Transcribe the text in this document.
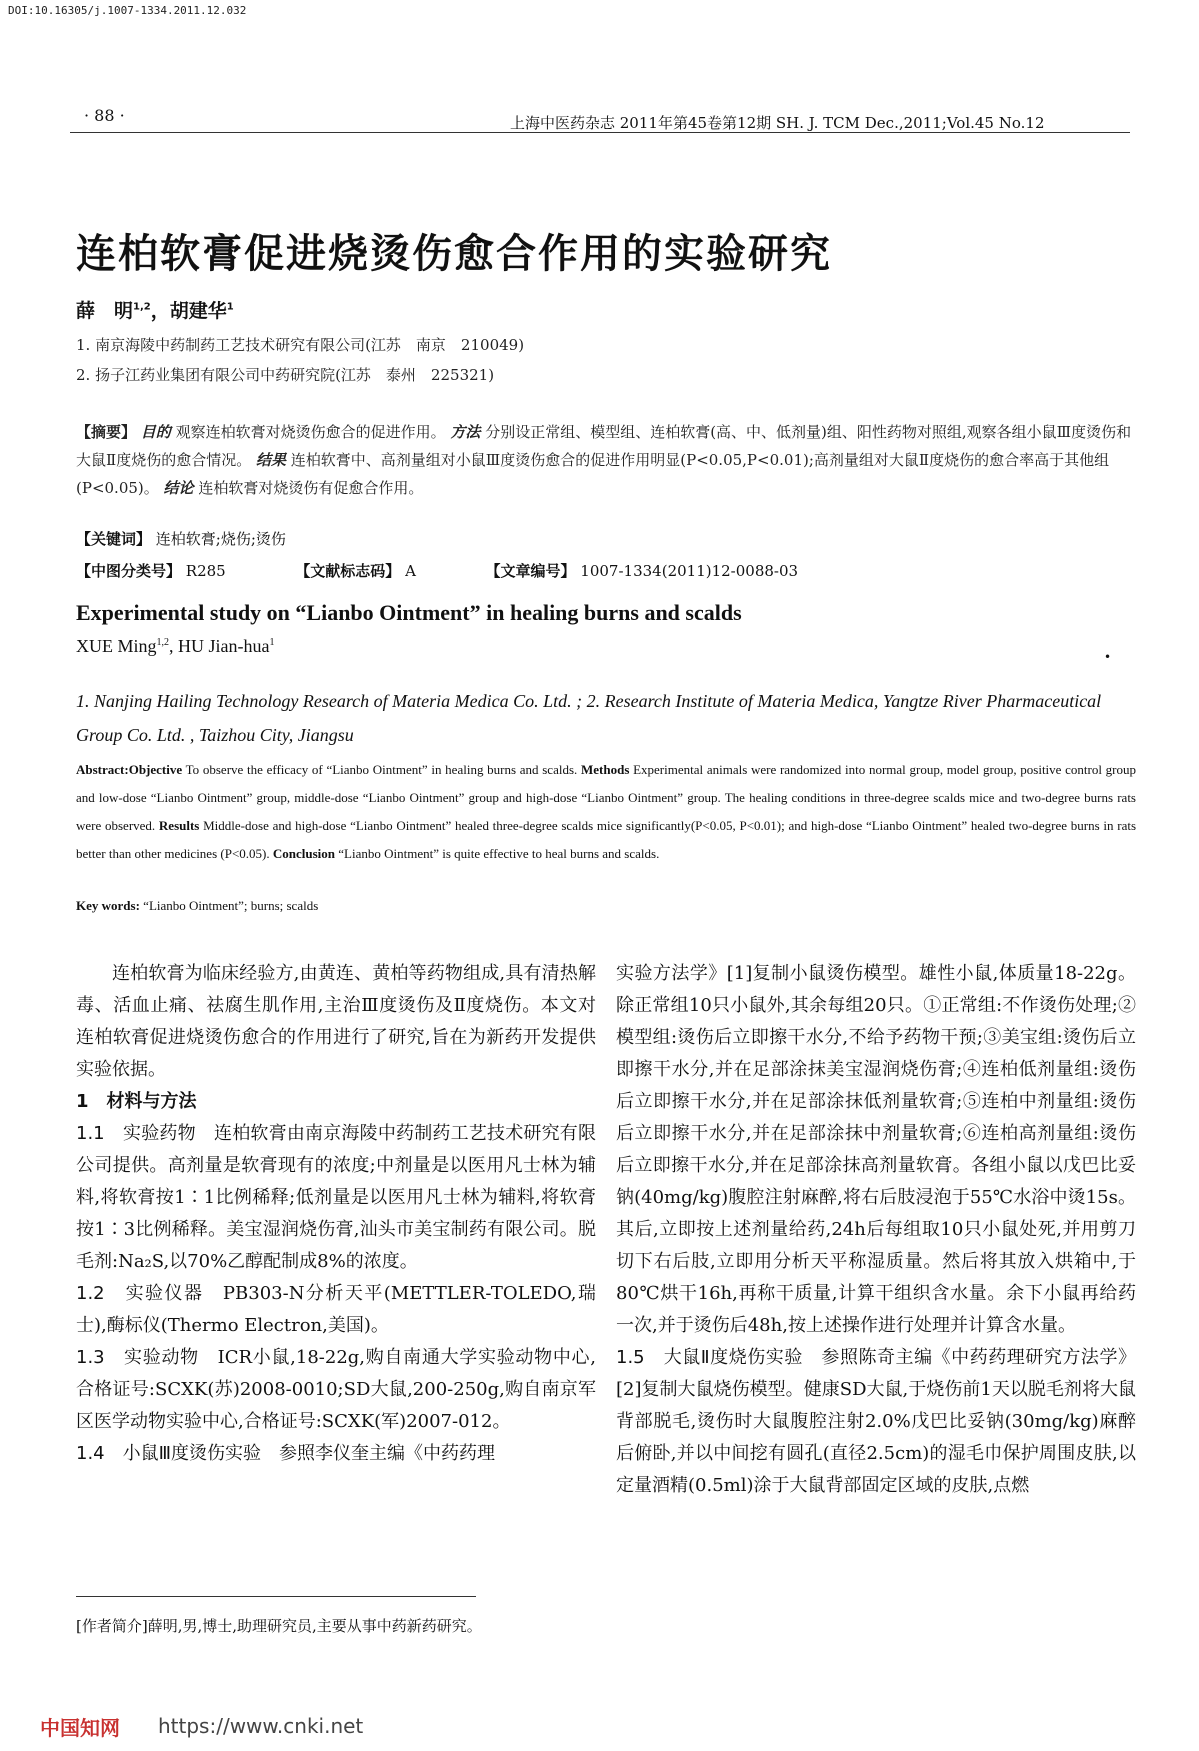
DOI:10.16305/j.1007-1334.2011.12.032
· 88 ·	上海中医药杂志 2011年第45卷第12期 SH. J. TCM Dec.,2011;Vol.45 No.12
连柏软膏促进烧烫伤愈合作用的实验研究
薛　明$^{1,2}$，胡建华$^1$
1. 南京海陵中药制药工艺技术研究有限公司(江苏　南京　210049)
2. 扬子江药业集团有限公司中药研究院(江苏　泰州　225321)
【摘要】 目的 观察连柏软膏对烧烫伤愈合的促进作用。 方法 分别设正常组、模型组、连柏软膏(高、中、低剂量)组、阳性药物对照组,观察各组小鼠Ⅲ度烫伤和大鼠Ⅱ度烧伤的愈合情况。 结果 连柏软膏中、高剂量组对小鼠Ⅲ度烫伤愈合的促进作用明显(P<0.05,P<0.01);高剂量组对大鼠Ⅱ度烧伤的愈合率高于其他组(P<0.05)。 结论 连柏软膏对烧烫伤有促愈合作用。
【关键词】 连柏软膏;烧伤;烫伤
【中图分类号】 R285	【文献标志码】 A	【文章编号】 1007-1334(2011)12-0088-03
Experimental study on “Lianbo Ointment” in healing burns and scalds
XUE Ming$^{1,2}$, HU Jian-hua$^1$
•
1. Nanjing Hailing Technology Research of Materia Medica Co. Ltd. ; 2. Research Institute of Materia Medica, Yangtze River Pharmaceutical Group Co. Ltd. , Taizhou City, Jiangsu
Abstract:Objective To observe the efficacy of “Lianbo Ointment” in healing burns and scalds. Methods Experimental animals were randomized into normal group, model group, positive control group and low-dose “Lianbo Ointment” group, middle-dose “Lianbo Ointment” group and high-dose “Lianbo Ointment” group. The healing conditions in three-degree scalds mice and two-degree burns rats were observed. Results Middle-dose and high-dose “Lianbo Ointment” healed three-degree scalds mice significantly(P<0.05, P<0.01); and high-dose “Lianbo Ointment” healed two-degree burns in rats better than other medicines (P<0.05). Conclusion “Lianbo Ointment” is quite effective to heal burns and scalds.
Key words: “Lianbo Ointment”; burns; scalds

连柏软膏为临床经验方,由黄连、黄柏等药物组成,具有清热解毒、活血止痛、祛腐生肌作用,主治Ⅲ度烫伤及Ⅱ度烧伤。本文对连柏软膏促进烧烫伤愈合的作用进行了研究,旨在为新药开发提供实验依据。

1　材料与方法

1.1　实验药物　 连柏软膏由南京海陵中药制药工艺技术研究有限公司提供。高剂量是软膏现有的浓度;中剂量是以医用凡士林为辅料,将软膏按1∶1比例稀释;低剂量是以医用凡士林为辅料,将软膏按1∶3比例稀释。美宝湿润烧伤膏,汕头市美宝制药有限公司。脱毛剂:Na₂S,以70%乙醇配制成8%的浓度。

1.2　实验仪器　 PB303-N分析天平(METTLER-TOLEDO,瑞士),酶标仪(Thermo Electron,美国)。

1.3　实验动物　 ICR小鼠,18-22g,购自南通大学实验动物中心,合格证号:SCXK(苏)2008-0010;SD大鼠,200-250g,购自南京军区医学动物实验中心,合格证号:SCXK(军)2007-012。

1.4　小鼠Ⅲ度烫伤实验　 参照李仪奎主编《中药药理

实验方法学》[1]复制小鼠烫伤模型。雄性小鼠,体质量18-22g。除正常组10只小鼠外,其余每组20只。①正常组:不作烫伤处理;②模型组:烫伤后立即擦干水分,不给予药物干预;③美宝组:烫伤后立即擦干水分,并在足部涂抹美宝湿润烧伤膏;④连柏低剂量组:烫伤后立即擦干水分,并在足部涂抹低剂量软膏;⑤连柏中剂量组:烫伤后立即擦干水分,并在足部涂抹中剂量软膏;⑥连柏高剂量组:烫伤后立即擦干水分,并在足部涂抹高剂量软膏。各组小鼠以戊巴比妥钠(40mg/kg)腹腔注射麻醉,将右后肢浸泡于55℃水浴中烫15s。其后,立即按上述剂量给药,24h后每组取10只小鼠处死,并用剪刀切下右后肢,立即用分析天平称湿质量。然后将其放入烘箱中,于80℃烘干16h,再称干质量,计算干组织含水量。余下小鼠再给药一次,并于烫伤后48h,按上述操作进行处理并计算含水量。

1.5　大鼠Ⅱ度烧伤实验　 参照陈奇主编《中药药理研究方法学》[2]复制大鼠烧伤模型。健康SD大鼠,于烧伤前1天以脱毛剂将大鼠背部脱毛,烫伤时大鼠腹腔注射2.0%戊巴比妥钠(30mg/kg)麻醉后俯卧,并以中间挖有圆孔(直径2.5cm)的湿毛巾保护周围皮肤,以定量酒精(0.5ml)涂于大鼠背部固定区域的皮肤,点燃

[作者简介]薛明,男,博士,助理研究员,主要从事中药新药研究。
中国知网 https://www.cnki.net
